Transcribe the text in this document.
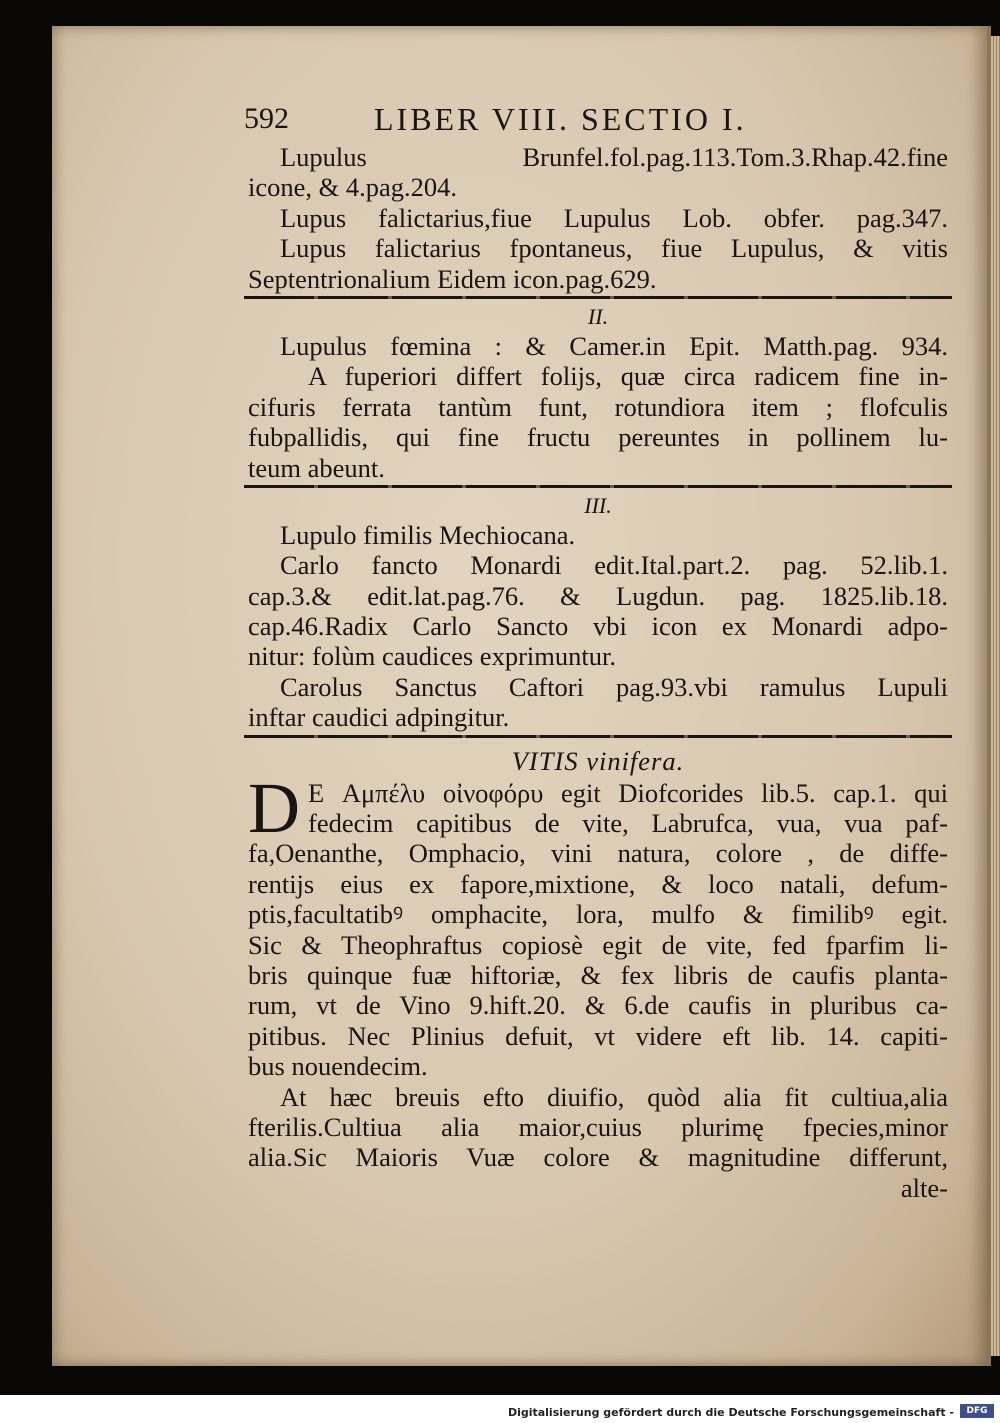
592	LIBER VIII. SECTIO I.
Lupulus Brunfel.fol.pag.113.Tom.3.Rhap.42.fine
icone, & 4.pag.204.
Lupus falictarius,fiue Lupulus Lob. obfer. pag.347.
Lupus falictarius fpontaneus, fiue Lupulus, & vitis
Septentrionalium Eidem icon.pag.629.
II.
Lupulus fœmina : & Camer.in Epit. Matth.pag. 934.
A fuperiori differt folijs, quæ circa radicem fine in-
cifuris ferrata tantùm funt, rotundiora item ; flofculis
fubpallidis, qui fine fructu pereuntes in pollinem lu-
teum abeunt.
III.
Lupulo fimilis Mechiocana.
Carlo fancto Monardi edit.Ital.part.2. pag. 52.lib.1.
cap.3.& edit.lat.pag.76. & Lugdun. pag. 1825.lib.18.
cap.46.Radix Carlo Sancto vbi icon ex Monardi adpo-
nitur: folùm caudices exprimuntur.
Carolus Sanctus Caftori pag.93.vbi ramulus Lupuli
inftar caudici adpingitur.
VITIS vinifera.
D E Αμπέλυ οἰνοφόρυ egit Diofcorides lib.5. cap.1. qui
fedecim capitibus de vite, Labrufca, vua, vua paf-
fa,Oenanthe, Omphacio, vini natura, colore , de diffe-
rentijs eius ex fapore,mixtione, & loco natali, defum-
ptis,facultatibꝰ omphacite, lora, mulfo & fimilibꝰ egit.
Sic & Theophraftus copiosè egit de vite, fed fparfim li-
bris quinque fuæ hiftoriæ, & fex libris de caufis planta-
rum, vt de Vino 9.hift.20. & 6.de caufis in pluribus ca-
pitibus. Nec Plinius defuit, vt videre eft lib. 14. capiti-
bus nouendecim.
At hæc breuis efto diuifio, quòd alia fit cultiua,alia
fterilis.Cultiua alia maior,cuius plurimę fpecies,minor
alia.Sic Maioris Vuæ colore & magnitudine differunt,
alte-
Digitalisierung gefördert durch die Deutsche Forschungsgemeinschaft -	DFG
